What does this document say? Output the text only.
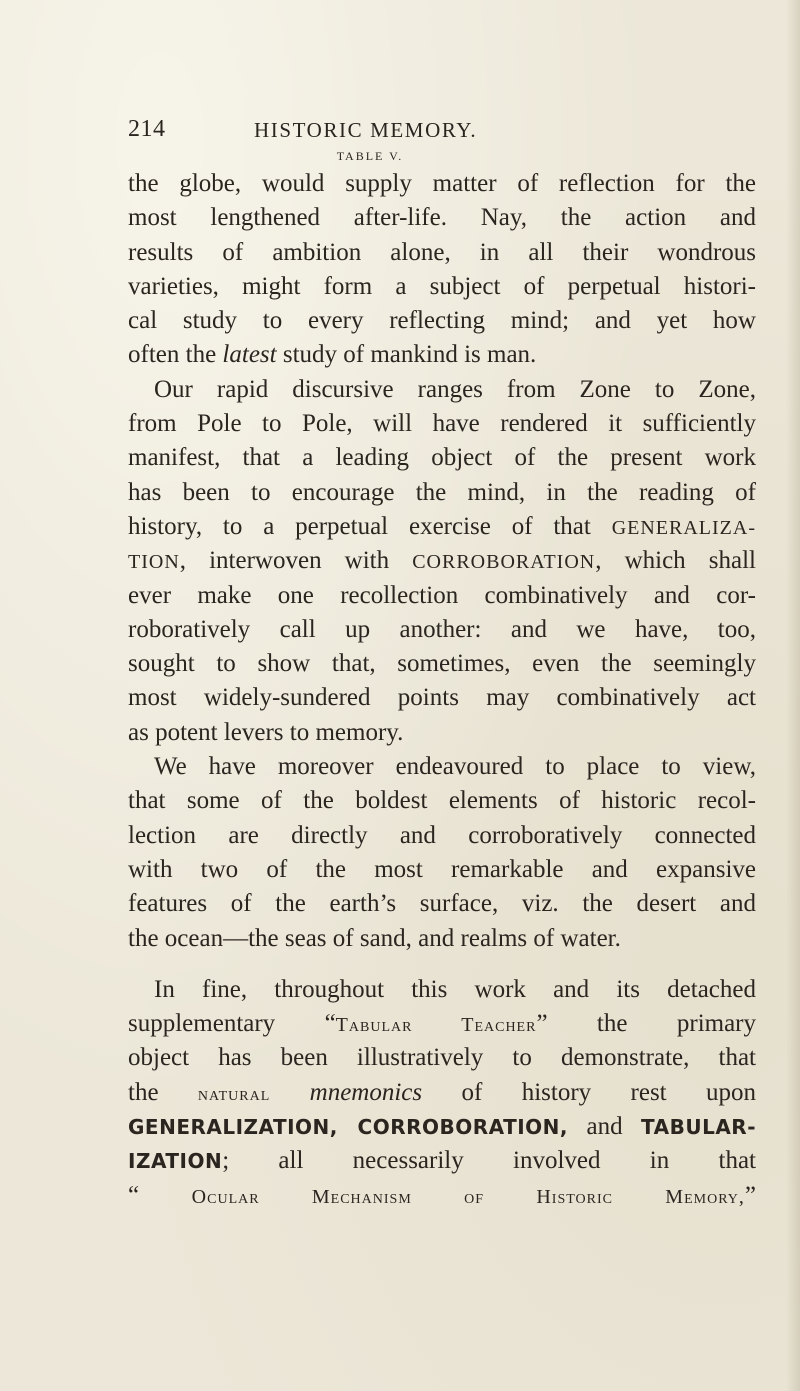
214	HISTORIC MEMORY.
TABLE V.
the globe, would supply matter of reflection for the
most lengthened after-life. Nay, the action and
results of ambition alone, in all their wondrous
varieties, might form a subject of perpetual histori-
cal study to every reflecting mind; and yet how
often the latest study of mankind is man.
Our rapid discursive ranges from Zone to Zone,
from Pole to Pole, will have rendered it sufficiently
manifest, that a leading object of the present work
has been to encourage the mind, in the reading of
history, to a perpetual exercise of that GENERALIZA-
TION, interwoven with CORROBORATION, which shall
ever make one recollection combinatively and cor-
roboratively call up another: and we have, too,
sought to show that, sometimes, even the seemingly
most widely-sundered points may combinatively act
as potent levers to memory.
We have moreover endeavoured to place to view,
that some of the boldest elements of historic recol-
lection are directly and corroboratively connected
with two of the most remarkable and expansive
features of the earth’s surface, viz. the desert and
the ocean—the seas of sand, and realms of water.
In fine, throughout this work and its detached
supplementary “Tabular Teacher” the primary
object has been illustratively to demonstrate, that
the natural mnemonics of history rest upon
GENERALIZATION, CORROBORATION, and TABULAR-
IZATION; all necessarily involved in that
“ Ocular Mechanism of Historic Memory,”
